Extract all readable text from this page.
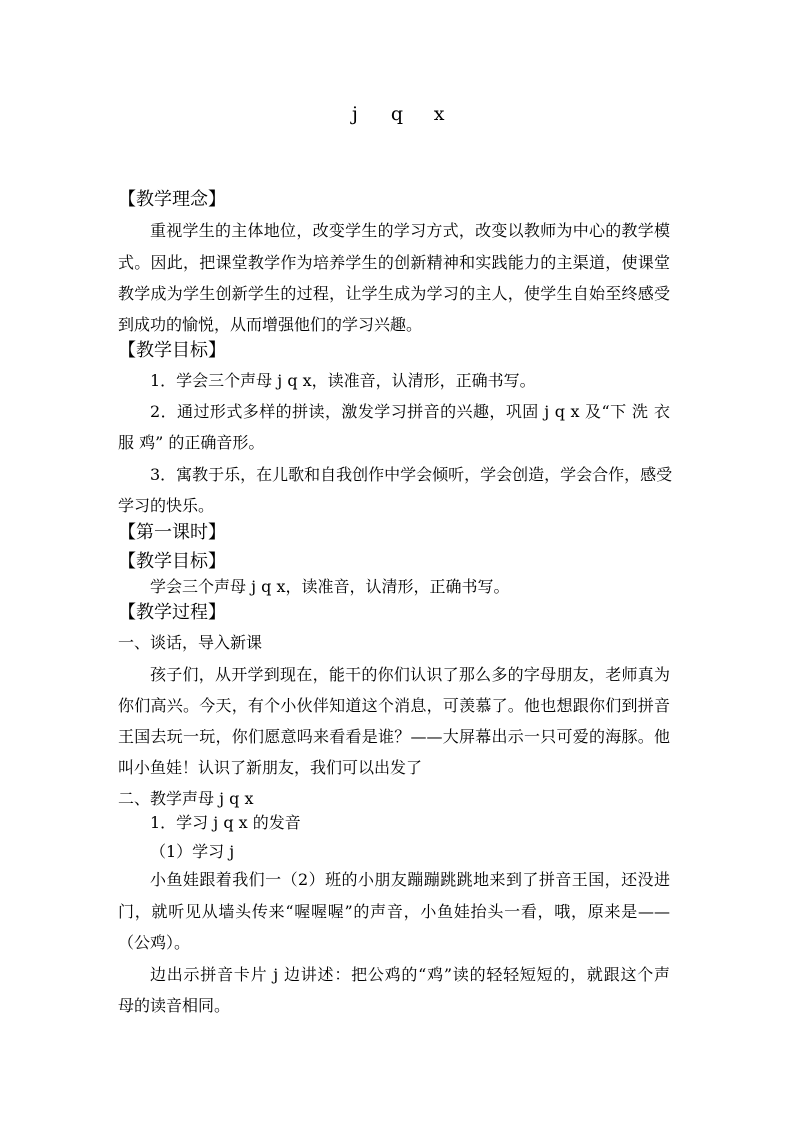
j q x
【教学理念】
重视学生的主体地位，改变学生的学习方式，改变以教师为中心的教学模
式。因此，把课堂教学作为培养学生的创新精神和实践能力的主渠道，使课堂
教学成为学生创新学生的过程，让学生成为学习的主人，使学生自始至终感受
到成功的愉悦，从而增强他们的学习兴趣。
【教学目标】
1．学会三个声母 j q x，读准音，认清形，正确书写。
2．通过形式多样的拼读，激发学习拼音的兴趣，巩固 j q x 及“下 洗 衣
服 鸡” 的正确音形。
3．寓教于乐，在儿歌和自我创作中学会倾听，学会创造，学会合作，感受
学习的快乐。
【第一课时】
【教学目标】
学会三个声母 j q x，读准音，认清形，正确书写。
【教学过程】
一、谈话，导入新课
孩子们，从开学到现在，能干的你们认识了那么多的字母朋友，老师真为
你们高兴。今天，有个小伙伴知道这个消息，可羡慕了。他也想跟你们到拼音
王国去玩一玩，你们愿意吗来看看是谁？——大屏幕出示一只可爱的海豚。他
叫小鱼娃！认识了新朋友，我们可以出发了
二、教学声母 j q x
1．学习 j q x 的发音
（1）学习 j
小鱼娃跟着我们一（2）班的小朋友蹦蹦跳跳地来到了拼音王国，还没进
门，就听见从墙头传来“喔喔喔”的声音，小鱼娃抬头一看，哦，原来是——
（公鸡）。
边出示拼音卡片 j 边讲述：把公鸡的“鸡”读的轻轻短短的，就跟这个声
母的读音相同。
